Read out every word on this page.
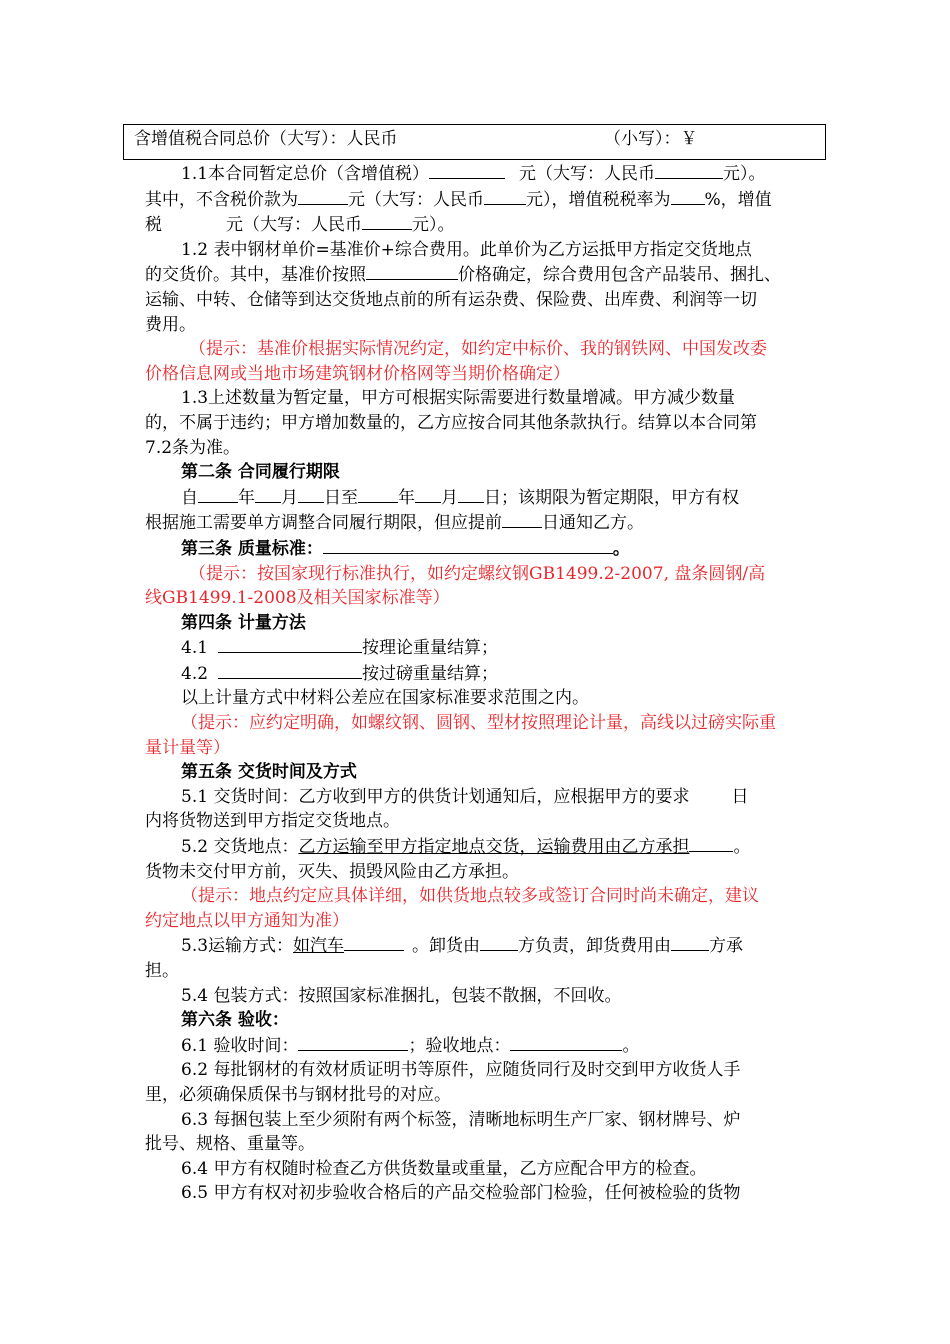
含增值税合同总价（大写）：人民币	（小写）：￥

1.1本合同暂定总价（含增值税）	元（大写：人民币	元）。

其中，不含税价款为	元（大写：人民币 元），增值税税率为 %，增值

税	元（大写：人民币	元）。

1.2 表中钢材单价=基准价+综合费用。此单价为乙方运抵甲方指定交货地点

的交货价。其中，基准价按照	价格确定，综合费用包含产品装吊、捆扎、

运输、中转、仓储等到达交货地点前的所有运杂费、保险费、出库费、利润等一切

费用。

（提示：基准价根据实际情况约定，如约定中标价、我的钢铁网、中国发改委

价格信息网或当地市场建筑钢材价格网等当期价格确定）

1.3上述数量为暂定量，甲方可根据实际需要进行数量增减。甲方减少数量

的，不属于违约；甲方增加数量的，乙方应按合同其他条款执行。结算以本合同第

7.2条为准。

第二条 合同履行期限

自 年 月 日至 年 月 日；该期限为暂定期限，甲方有权

根据施工需要单方调整合同履行期限，但应提前 日通知乙方。

第三条 质量标准：	。

（提示：按国家现行标准执行，如约定螺纹钢GB1499.2-2007, 盘条圆钢/高

线GB1499.1-2008及相关国家标准等）

第四条 计量方法

4.1	按理论重量结算；

4.2	按过磅重量结算；

以上计量方式中材料公差应在国家标准要求范围之内。

（提示：应约定明确，如螺纹钢、圆钢、型材按照理论计量，高线以过磅实际重

量计量等）

第五条 交货时间及方式

5.1 交货时间：乙方收到甲方的供货计划通知后，应根据甲方的要求 日

内将货物送到甲方指定交货地点。

5.2 交货地点：乙方运输至甲方指定地点交货，运输费用由乙方承担	。

货物未交付甲方前，灭失、损毁风险由乙方承担。

（提示：地点约定应具体详细，如供货地点较多或签订合同时尚未确定，建议

约定地点以甲方通知为准）

5.3运输方式：如汽车	。卸货由 方负责，卸货费用由 方承

担。

5.4 包装方式：按照国家标准捆扎，包装不散捆，不回收。

第六条 验收：

6.1 验收时间：	；验收地点：	。

6.2 每批钢材的有效材质证明书等原件，应随货同行及时交到甲方收货人手

里，必须确保质保书与钢材批号的对应。

6.3 每捆包装上至少须附有两个标签，清晰地标明生产厂家、钢材牌号、炉

批号、规格、重量等。

6.4 甲方有权随时检查乙方供货数量或重量，乙方应配合甲方的检查。

6.5 甲方有权对初步验收合格后的产品交检验部门检验，任何被检验的货物
